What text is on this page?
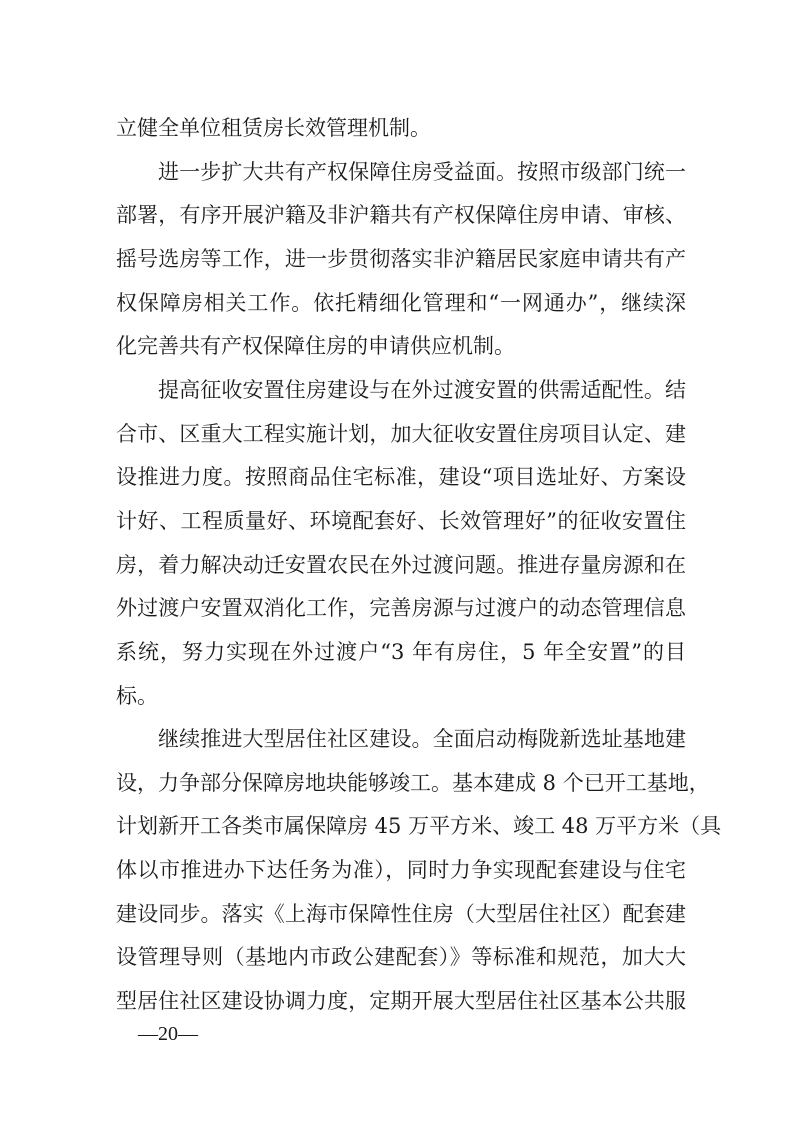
立健全单位租赁房长效管理机制。
进一步扩大共有产权保障住房受益面。按照市级部门统一
部署，有序开展沪籍及非沪籍共有产权保障住房申请、审核、
摇号选房等工作，进一步贯彻落实非沪籍居民家庭申请共有产
权保障房相关工作。依托精细化管理和“一网通办”，继续深
化完善共有产权保障住房的申请供应机制。
提高征收安置住房建设与在外过渡安置的供需适配性。结
合市、区重大工程实施计划，加大征收安置住房项目认定、建
设推进力度。按照商品住宅标准，建设“项目选址好、方案设
计好、工程质量好、环境配套好、长效管理好”的征收安置住
房，着力解决动迁安置农民在外过渡问题。推进存量房源和在
外过渡户安置双消化工作，完善房源与过渡户的动态管理信息
系统，努力实现在外过渡户“3 年有房住，5 年全安置”的目
标。
继续推进大型居住社区建设。全面启动梅陇新选址基地建
设，力争部分保障房地块能够竣工。基本建成 8 个已开工基地，
计划新开工各类市属保障房 45 万平方米、竣工 48 万平方米（具
体以市推进办下达任务为准），同时力争实现配套建设与住宅
建设同步。落实《上海市保障性住房（大型居住社区）配套建
设管理导则（基地内市政公建配套）》等标准和规范，加大大
型居住社区建设协调力度，定期开展大型居住社区基本公共服
—20—
